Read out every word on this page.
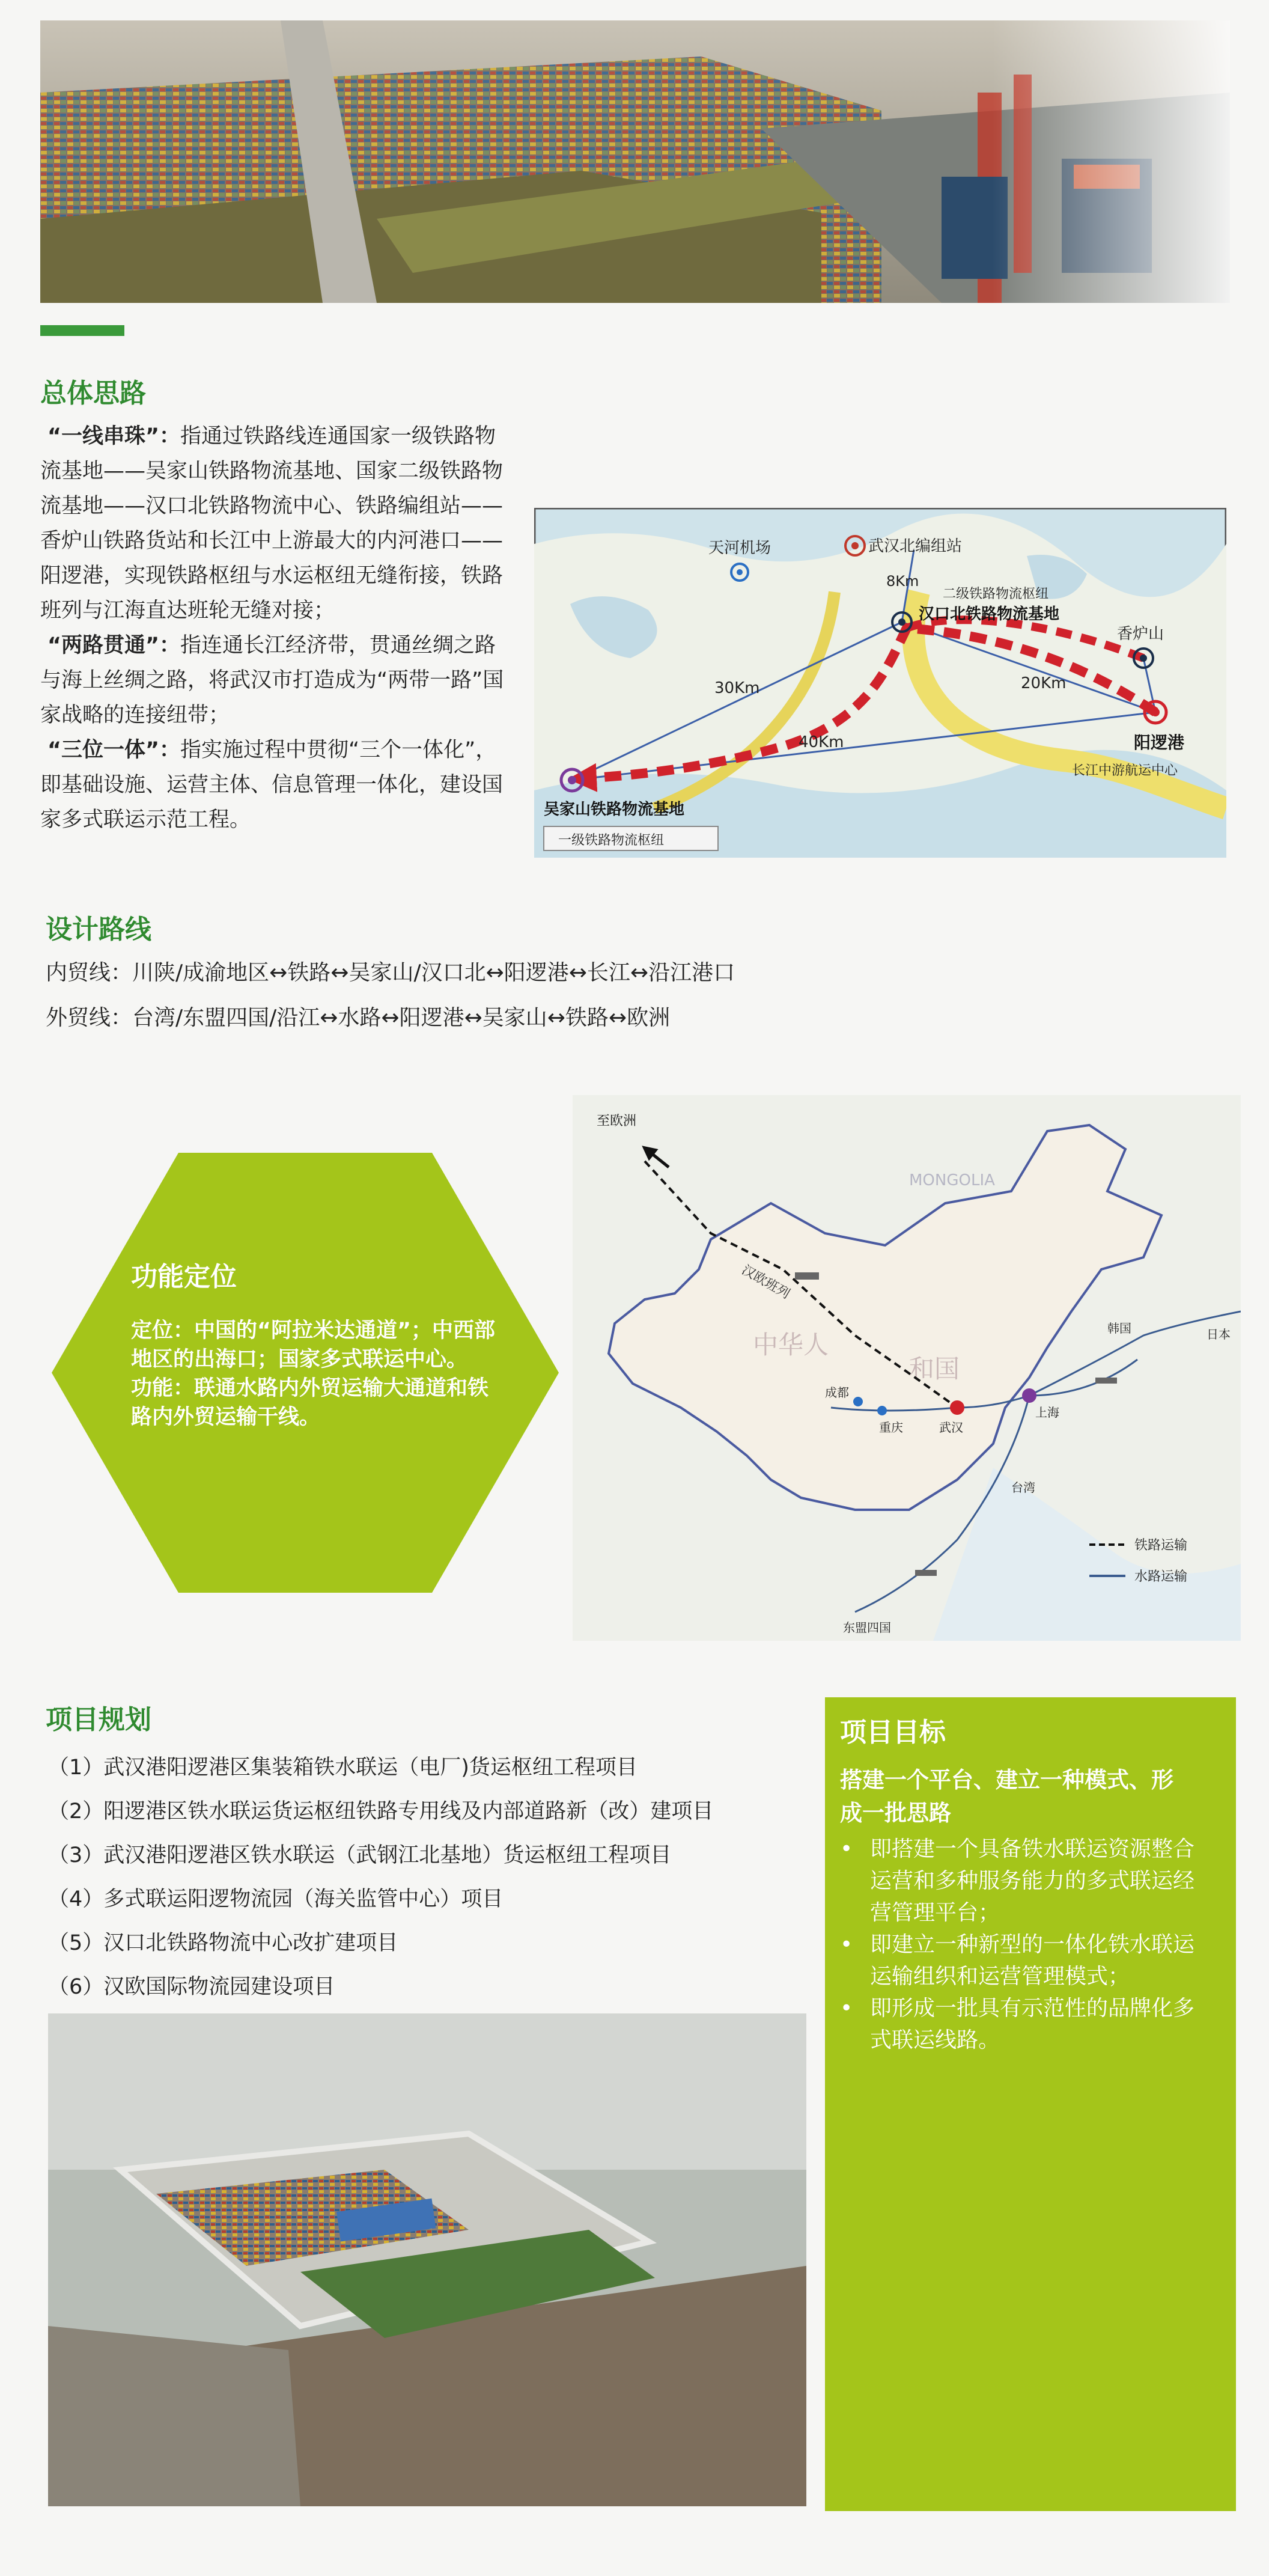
总体思路
“一线串珠”：指通过铁路线连通国家一级铁路物流基地——吴家山铁路物流基地、国家二级铁路物流基地——汉口北铁路物流中心、铁路编组站——香炉山铁路货站和长江中上游最大的内河港口——阳逻港，实现铁路枢纽与水运枢纽无缝衔接，铁路班列与江海直达班轮无缝对接；
“两路贯通”：指连通长江经济带，贯通丝绸之路与海上丝绸之路，将武汉市打造成为“两带一路”国家战略的连接纽带；
“三位一体”：指实施过程中贯彻“三个一体化”，即基础设施、运营主体、信息管理一体化，建设国家多式联运示范工程。
天河机场	武汉北编组站
8Km
二级铁路物流枢纽
汉口北铁路物流基地
香炉山
30Km	20Km
40Km	阳逻港
长江中游航运中心
吴家山铁路物流基地
一级铁路物流枢纽
设计路线
内贸线：川陕/成渝地区↔铁路↔吴家山/汉口北↔阳逻港↔长江↔沿江港口
外贸线：台湾/东盟四国/沿江↔水路↔阳逻港↔吴家山↔铁路↔欧洲
功能定位
定位：中国的“阿拉米达通道”；中西部地区的出海口；国家多式联运中心。
功能：联通水路内外贸运输大通道和铁路内外贸运输干线。
MONGOLIA
中华人
和国
至欧洲
汉欧班列
成都
重庆	武汉
上海
韩国	日本
台湾
东盟四国
铁路运输
水路运输
项目规划
（1）武汉港阳逻港区集装箱铁水联运（电厂)货运枢纽工程项目
（2）阳逻港区铁水联运货运枢纽铁路专用线及内部道路新（改）建项目
（3）武汉港阳逻港区铁水联运（武钢江北基地）货运枢纽工程项目
（4）多式联运阳逻物流园（海关监管中心）项目
（5）汉口北铁路物流中心改扩建项目
（6）汉欧国际物流园建设项目
项目目标
搭建一个平台、建立一种模式、形成一批思路
• 即搭建一个具备铁水联运资源整合运营和多种服务能力的多式联运经营管理平台；
• 即建立一种新型的一体化铁水联运运输组织和运营管理模式；
• 即形成一批具有示范性的品牌化多式联运线路。
